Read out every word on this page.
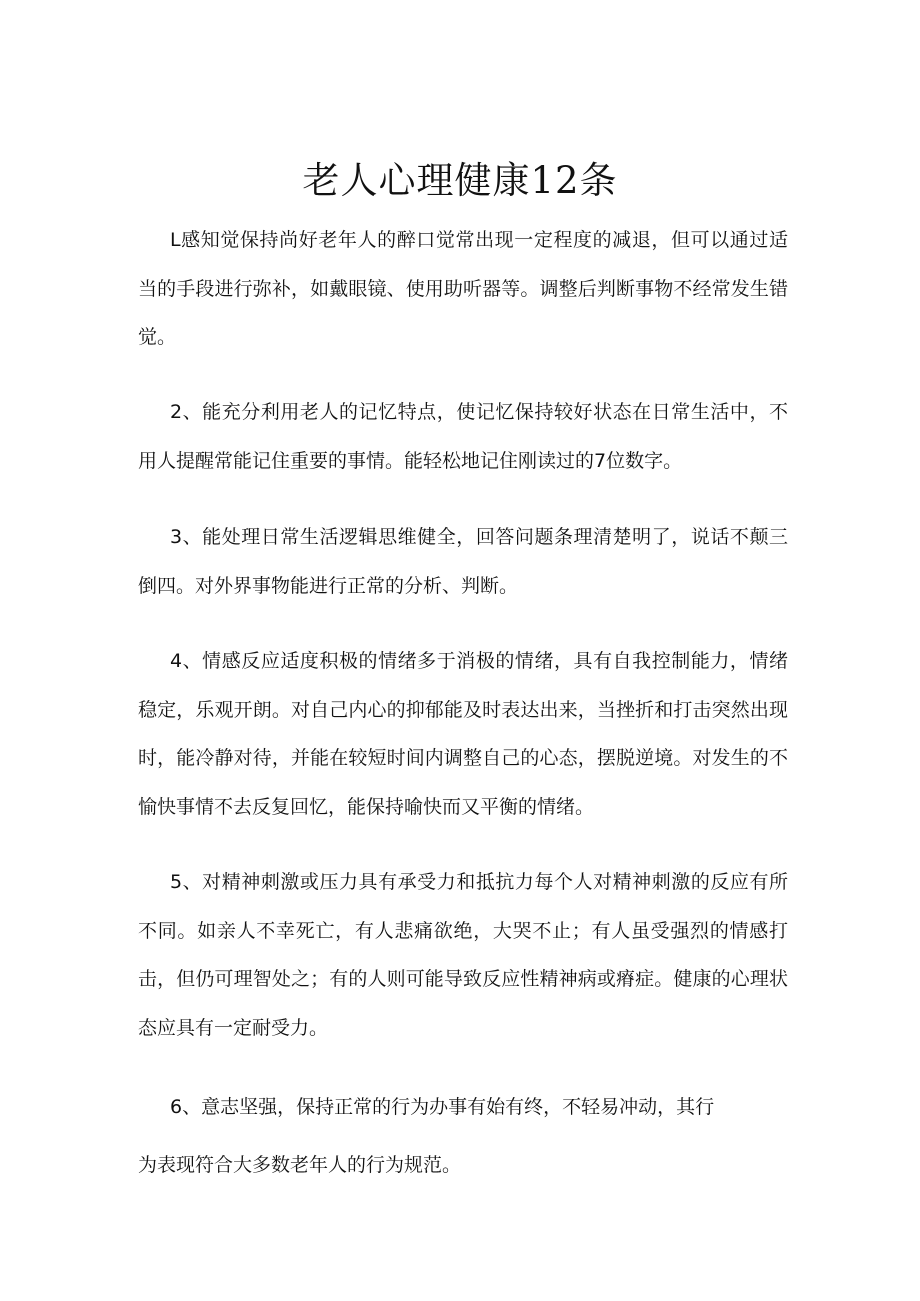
老人心理健康12条
L感知觉保持尚好老年人的醉口觉常出现一定程度的减退，但可以通过适当的手段进行弥补，如戴眼镜、使用助听器等。调整后判断事物不经常发生错觉。
2、能充分利用老人的记忆特点，使记忆保持较好状态在日常生活中，不用人提醒常能记住重要的事情。能轻松地记住刚读过的7位数字。
3、能处理日常生活逻辑思维健全，回答问题条理清楚明了，说话不颠三倒四。对外界事物能进行正常的分析、判断。
4、情感反应适度积极的情绪多于消极的情绪，具有自我控制能力，情绪稳定，乐观开朗。对自己内心的抑郁能及时表达出来，当挫折和打击突然出现时，能冷静对待，并能在较短时间内调整自己的心态，摆脱逆境。对发生的不愉快事情不去反复回忆，能保持喻快而又平衡的情绪。
5、对精神刺激或压力具有承受力和抵抗力每个人对精神刺激的反应有所不同。如亲人不幸死亡，有人悲痛欲绝，大哭不止；有人虽受强烈的情感打击，但仍可理智处之；有的人则可能导致反应性精神病或瘠症。健康的心理状态应具有一定耐受力。
6、意志坚强，保持正常的行为办事有始有终，不轻易冲动，其行
为表现符合大多数老年人的行为规范。
